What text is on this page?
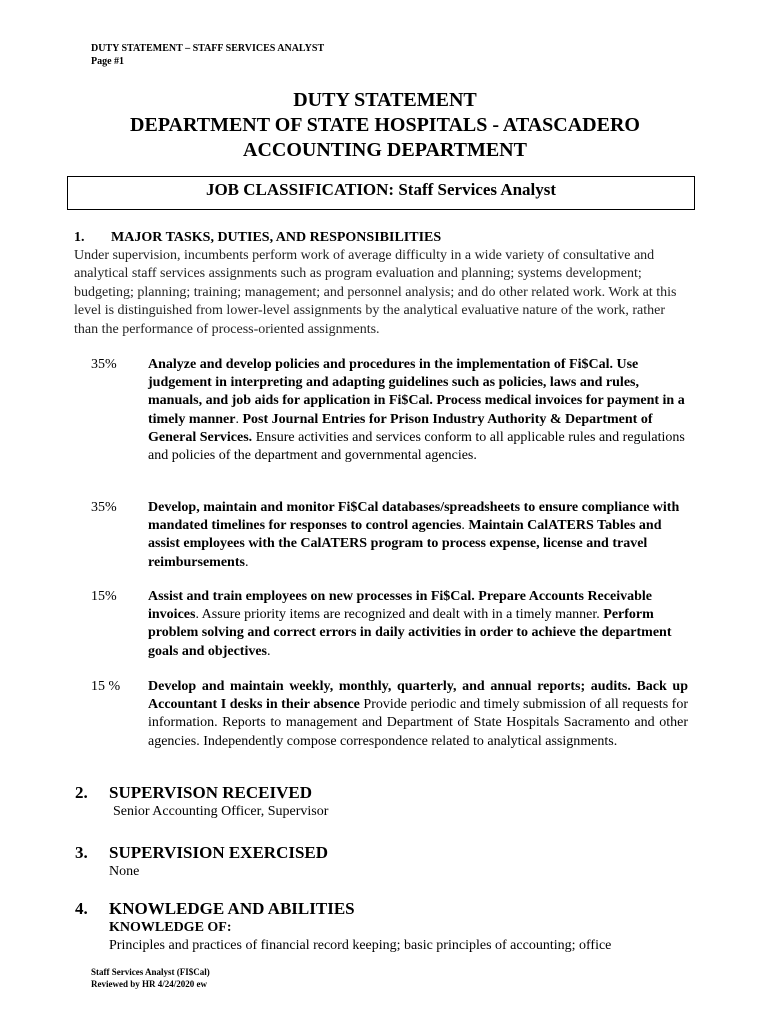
DUTY STATEMENT – STAFF SERVICES ANALYST
Page #1
DUTY STATEMENT
DEPARTMENT OF STATE HOSPITALS - ATASCADERO
ACCOUNTING DEPARTMENT
JOB CLASSIFICATION: Staff Services Analyst
1. MAJOR TASKS, DUTIES, AND RESPONSIBILITIES
Under supervision, incumbents perform work of average difficulty in a wide variety of consultative and analytical staff services assignments such as program evaluation and planning; systems development; budgeting; planning; training; management; and personnel analysis; and do other related work. Work at this level is distinguished from lower-level assignments by the analytical evaluative nature of the work, rather than the performance of process-oriented assignments.
35% Analyze and develop policies and procedures in the implementation of Fi$Cal. Use judgement in interpreting and adapting guidelines such as policies, laws and rules, manuals, and job aids for application in Fi$Cal. Process medical invoices for payment in a timely manner. Post Journal Entries for Prison Industry Authority & Department of General Services. Ensure activities and services conform to all applicable rules and regulations and policies of the department and governmental agencies.
35% Develop, maintain and monitor Fi$Cal databases/spreadsheets to ensure compliance with mandated timelines for responses to control agencies. Maintain CalATERS Tables and assist employees with the CalATERS program to process expense, license and travel reimbursements.
15% Assist and train employees on new processes in Fi$Cal. Prepare Accounts Receivable invoices. Assure priority items are recognized and dealt with in a timely manner. Perform problem solving and correct errors in daily activities in order to achieve the department goals and objectives.
15 % Develop and maintain weekly, monthly, quarterly, and annual reports; audits. Back up Accountant I desks in their absence Provide periodic and timely submission of all requests for information. Reports to management and Department of State Hospitals Sacramento and other agencies. Independently compose correspondence related to analytical assignments.
2. SUPERVISON RECEIVED
Senior Accounting Officer, Supervisor
3. SUPERVISION EXERCISED
None
4. KNOWLEDGE AND ABILITIES
KNOWLEDGE OF:
Principles and practices of financial record keeping; basic principles of accounting; office
Staff Services Analyst (FI$Cal)
Reviewed by HR 4/24/2020 ew
